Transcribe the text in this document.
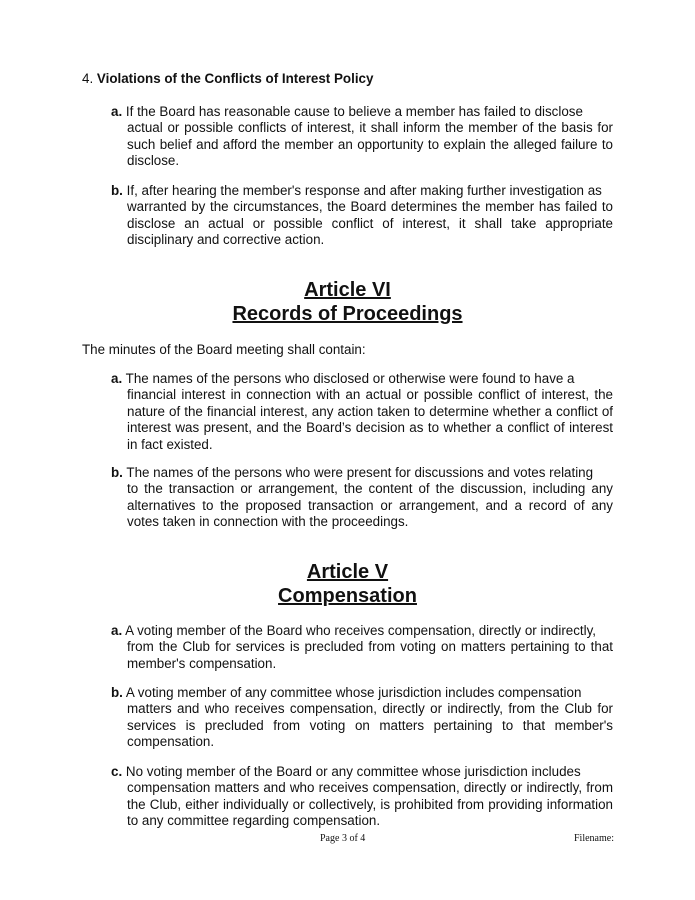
4. Violations of the Conflicts of Interest Policy
a. If the Board has reasonable cause to believe a member has failed to disclose
actual or possible conflicts of interest, it shall inform the member of the basis for such belief and afford the member an opportunity to explain the alleged failure to disclose.
b. If, after hearing the member's response and after making further investigation as
warranted by the circumstances, the Board determines the member has failed to disclose an actual or possible conflict of interest, it shall take appropriate disciplinary and corrective action.
Article VI
Records of Proceedings
The minutes of the Board meeting shall contain:
a. The names of the persons who disclosed or otherwise were found to have a
financial interest in connection with an actual or possible conflict of interest, the nature of the financial interest, any action taken to determine whether a conflict of interest was present, and the Board’s decision as to whether a conflict of interest in fact existed.
b. The names of the persons who were present for discussions and votes relating
to the transaction or arrangement, the content of the discussion, including any alternatives to the proposed transaction or arrangement, and a record of any votes taken in connection with the proceedings.
Article V
Compensation
a. A voting member of the Board who receives compensation, directly or indirectly,
from the Club for services is precluded from voting on matters pertaining to that member's compensation.
b. A voting member of any committee whose jurisdiction includes compensation
matters and who receives compensation, directly or indirectly, from the Club for services is precluded from voting on matters pertaining to that member's compensation.
c. No voting member of the Board or any committee whose jurisdiction includes
compensation matters and who receives compensation, directly or indirectly, from the Club, either individually or collectively, is prohibited from providing information to any committee regarding compensation.
Page 3 of 4	Filename:
